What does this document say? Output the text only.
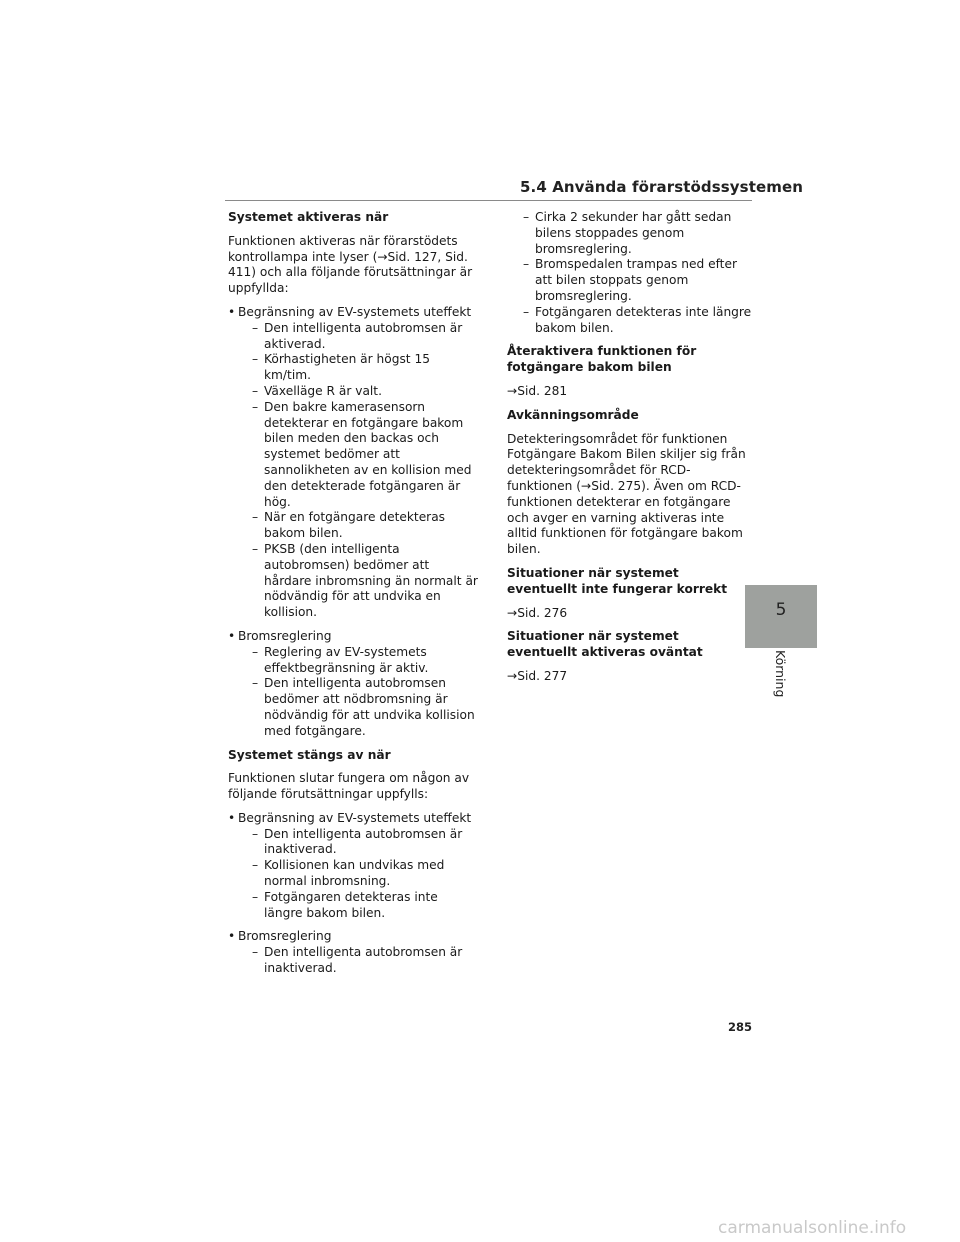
5.4 Använda förarstödssystemen
Systemet aktiveras när

Funktionen aktiveras när förarstödets kontrollampa inte lyser (→Sid. 127, Sid. 411) och alla följande förutsättningar är uppfyllda:

• Begränsning av EV-systemets uteffekt
– Den intelligenta autobromsen är aktiverad.
– Körhastigheten är högst 15 km/tim.
– Växelläge R är valt.
– Den bakre kamerasensorn detekterar en fotgängare bakom bilen meden den backas och systemet bedömer att sannolikheten av en kollision med den detekterade fotgängaren är hög.
– När en fotgängare detekteras bakom bilen.
– PKSB (den intelligenta autobromsen) bedömer att hårdare inbromsning än normalt är nödvändig för att undvika en kollision.
• Bromsreglering
– Reglering av EV-systemets effektbegränsning är aktiv.
– Den intelligenta autobromsen bedömer att nödbromsning är nödvändig för att undvika kollision med fotgängare.
Systemet stängs av när

Funktionen slutar fungera om någon av följande förutsättningar uppfylls:

• Begränsning av EV-systemets uteffekt
– Den intelligenta autobromsen är inaktiverad.
– Kollisionen kan undvikas med normal inbromsning.
– Fotgängaren detekteras inte längre bakom bilen.
• Bromsreglering
– Den intelligenta autobromsen är inaktiverad.
– Cirka 2 sekunder har gått sedan bilens stoppades genom bromsreglering.
– Bromspedalen trampas ned efter att bilen stoppats genom bromsreglering.
– Fotgängaren detekteras inte längre bakom bilen.
Återaktivera funktionen för fotgängare bakom bilen

→Sid. 281

Avkänningsområde

Detekteringsområdet för funktionen Fotgängare Bakom Bilen skiljer sig från detekteringsområdet för RCD-funktionen (→Sid. 275). Även om RCD-funktionen detekterar en fotgängare och avger en varning aktiveras inte alltid funktionen för fotgängare bakom bilen.

Situationer när systemet eventuellt inte fungerar korrekt

→Sid. 276

Situationer när systemet eventuellt aktiveras oväntat

→Sid. 277

5
Körning
285
carmanualsonline.info
